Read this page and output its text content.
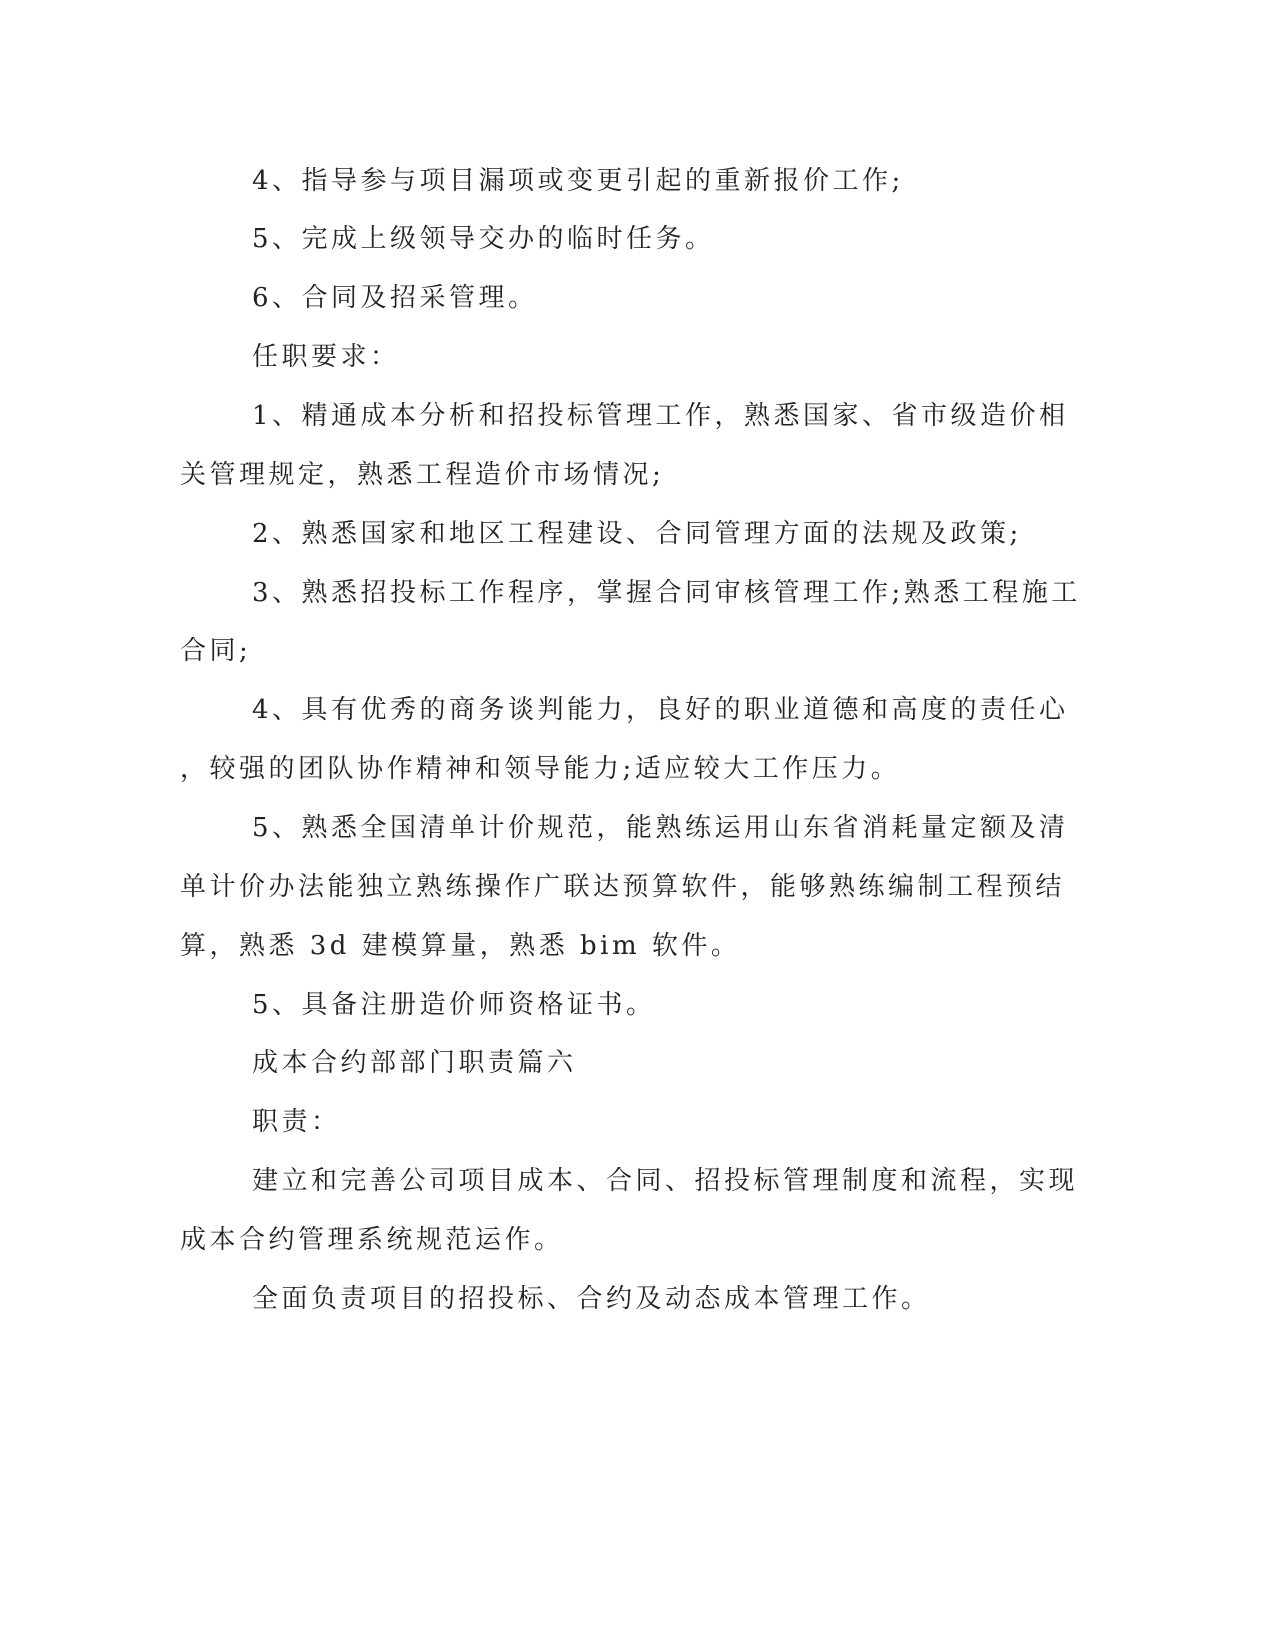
4、指导参与项目漏项或变更引起的重新报价工作;

5、完成上级领导交办的临时任务。

6、合同及招采管理。

任职要求：

1、精通成本分析和招投标管理工作，熟悉国家、省市级造价相

关管理规定，熟悉工程造价市场情况;

2、熟悉国家和地区工程建设、合同管理方面的法规及政策;

3、熟悉招投标工作程序，掌握合同审核管理工作;熟悉工程施工

合同;

4、具有优秀的商务谈判能力，良好的职业道德和高度的责任心

，较强的团队协作精神和领导能力;适应较大工作压力。

5、熟悉全国清单计价规范，能熟练运用山东省消耗量定额及清

单计价办法能独立熟练操作广联达预算软件，能够熟练编制工程预结

算，熟悉 3d 建模算量，熟悉 bim 软件。

5、具备注册造价师资格证书。

成本合约部部门职责篇六

职责：

建立和完善公司项目成本、合同、招投标管理制度和流程，实现

成本合约管理系统规范运作。

全面负责项目的招投标、合约及动态成本管理工作。
